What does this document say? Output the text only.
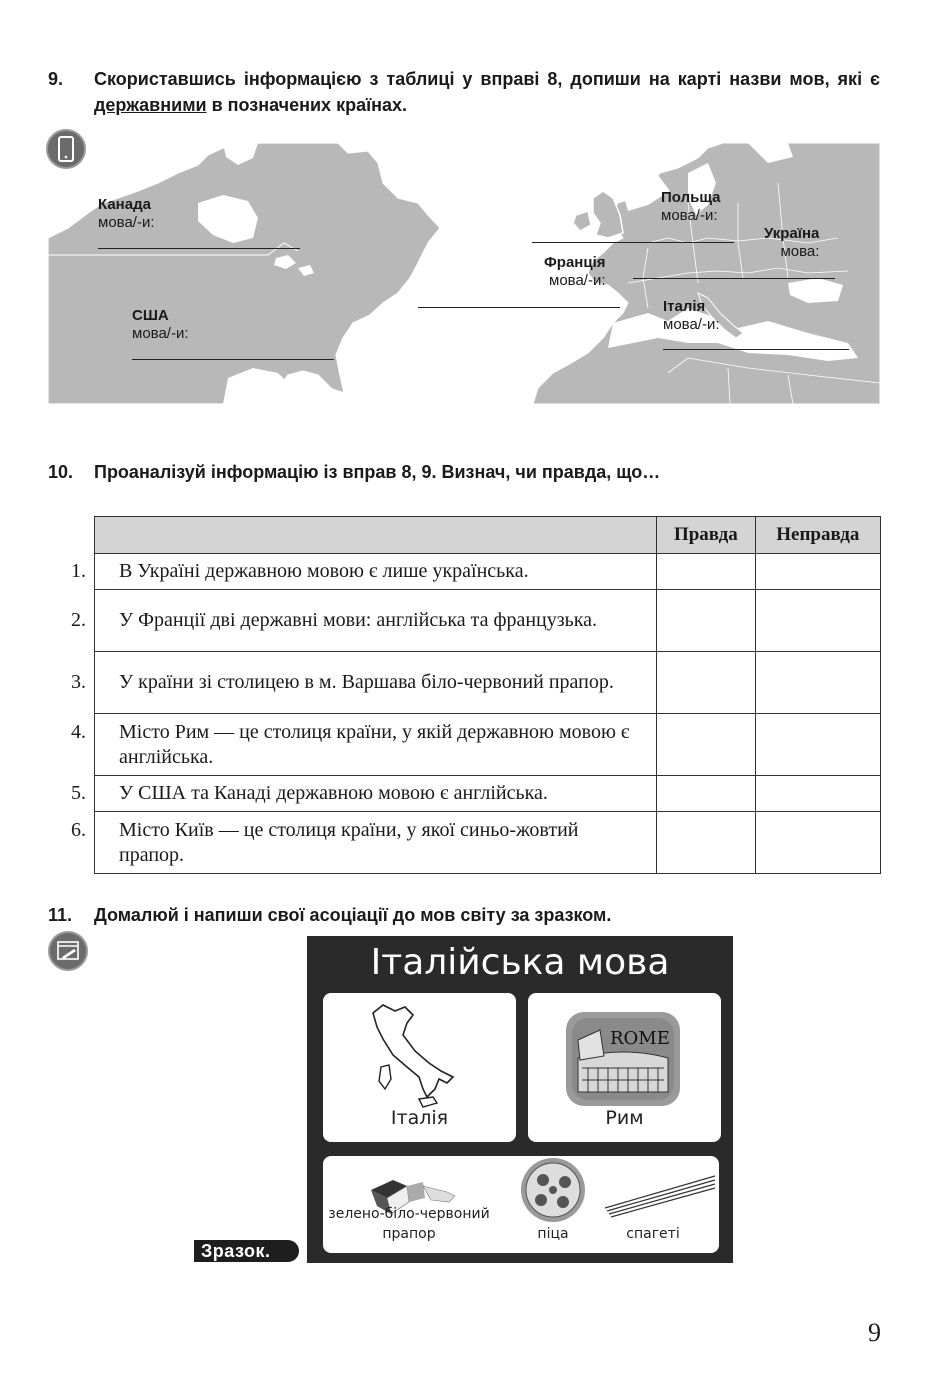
9. Скориставшись інформацією з таблиці у вправі 8, допиши на карті назви мов, які є державними в позначених країнах.
Канада
мова/-и:
США
мова/-и:
Польща
мова/-и:
Україна
мова:
Франція
мова/-и:
Італія
мова/-и:
10. Проаналізуй інформацію із вправ 8, 9. Визнач, чи правда, що…
	Правда	Неправда
1. В Україні державною мовою є лише українська.		
2. У Франції дві державні мови: англійська та французька.		
3. У країни зі столицею в м. Варшава біло-червоний прапор.		
4. Місто Рим — це столиця країни, у якій державною мовою є англійська.		
5. У США та Канаді державною мовою є англійська.		
6. Місто Київ — це столиця країни, у якої синьо-жовтий прапор.		
11. Домалюй і напиши свої асоціації до мов світу за зразком.
Зразок.
Італійська мова
Італія
ROME
Рим
зелено-біло-червоний
прапор	піца	спагеті
9
